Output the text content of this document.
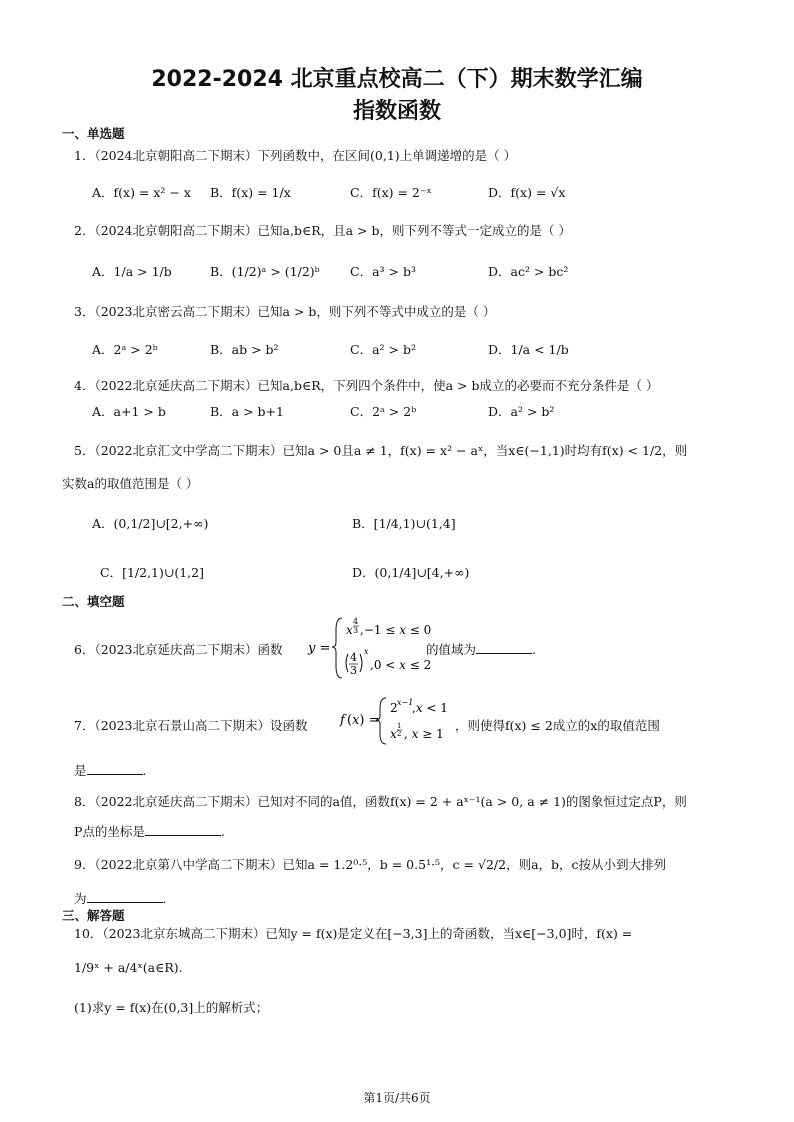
2022-2024 北京重点校高二（下）期末数学汇编
指数函数
一、单选题
1．（2024北京朝阳高二下期末）下列函数中，在区间(0,1)上单调递增的是（ ）
A．f(x) = x² − x B．f(x) = 1/x	C．f(x) = 2⁻ˣ	D．f(x) = √x
2．（2024北京朝阳高二下期末）已知a,b∈R，且a > b，则下列不等式一定成立的是（ ）
A．1/a > 1/b	B．(1/2)ᵃ > (1/2)ᵇ C．a³ > b³	D．ac² > bc²
3．（2023北京密云高二下期末）已知a > b，则下列不等式中成立的是（ ）
A．2ᵃ > 2ᵇ	B．ab > b²	C．a² > b²	D．1/a < 1/b
4．（2022北京延庆高二下期末）已知a,b∈R，下列四个条件中，使a > b成立的必要而不充分条件是（ ）
A．a+1 > b	B．a > b+1	C．2ᵃ > 2ᵇ	D．a² > b²
5．（2022北京汇文中学高二下期末）已知a > 0且a ≠ 1，f(x) = x² − aˣ，当x∈(−1,1)时均有f(x) < 1/2，则
实数a的取值范围是（ ）
A．(0,1/2]∪[2,+∞)	B．[1/4,1)∪(1,4]
C．[1/2,1)∪(1,2]	D．(0,1/4]∪[4,+∞)
二、填空题
6．（2023北京延庆高二下期末）函数 y =
x
4
3 ,−1 ≤ x ≤ 0
4
3
x
,0 < x ≤ 2
的值域为	.
7．（2023北京石景山高二下期末）设函数 f (x) =
2 x−1
,x < 1
x
1
2 , x ≥ 1
，则使得f(x) ≤ 2成立的x的取值范围
是	.
8．（2022北京延庆高二下期末）已知对不同的a值，函数f(x) = 2 + aˣ⁻¹(a > 0, a ≠ 1)的图象恒过定点P，则
P点的坐标是	.
9．（2022北京第八中学高二下期末）已知a = 1.2⁰·⁵，b = 0.5¹·⁵，c = √2/2，则a，b，c按从小到大排列
为	.
三、解答题
10．（2023北京东城高二下期末）已知y = f(x)是定义在[−3,3]上的奇函数，当x∈[−3,0]时，f(x) =
1/9ˣ + a/4ˣ(a∈R).
(1)求y = f(x)在(0,3]上的解析式；
第1页/共6页
